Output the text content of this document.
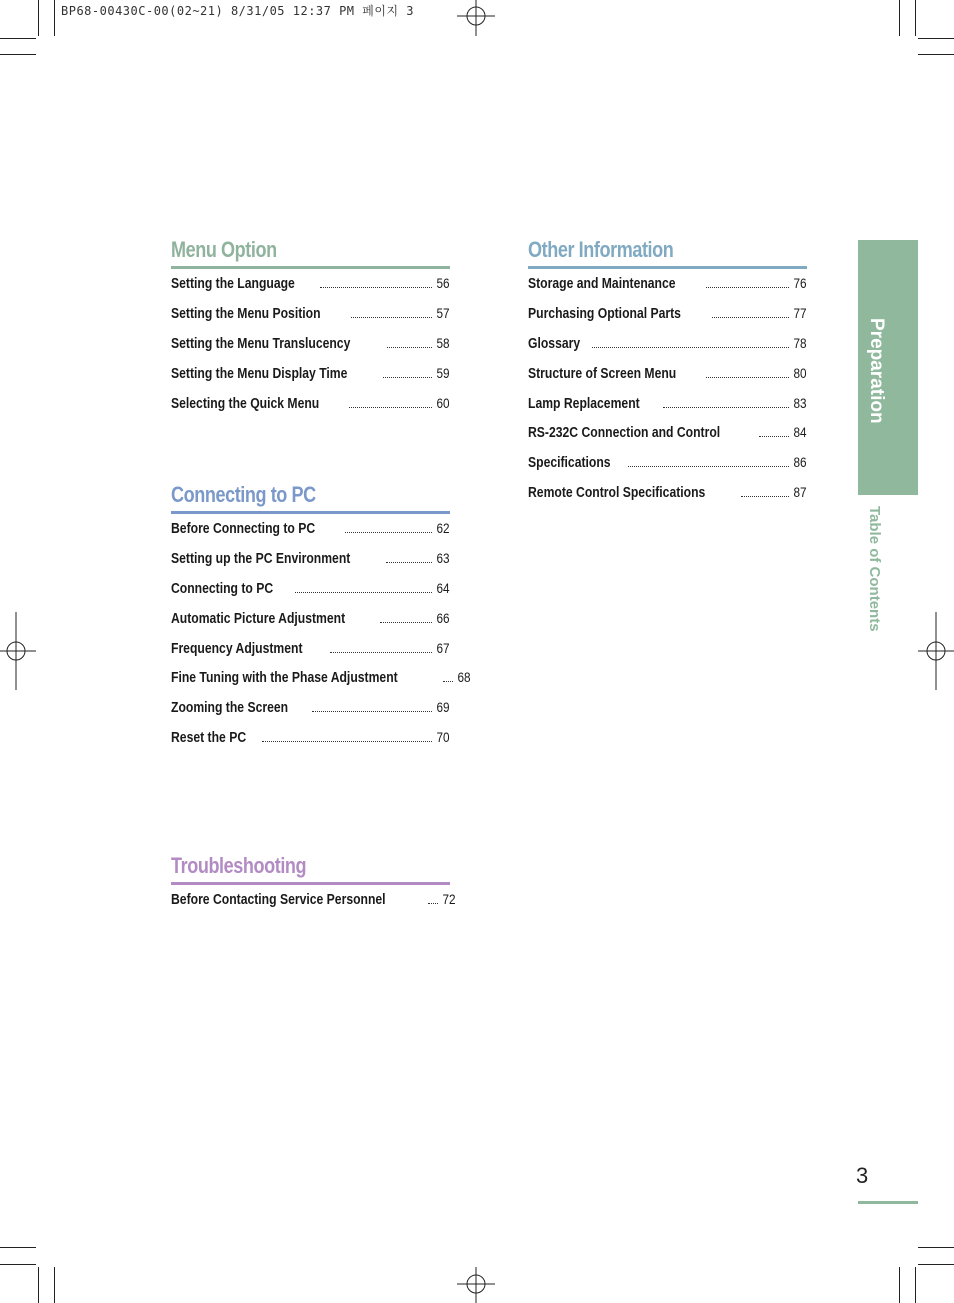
BP68-00430C-00(02~21) 8/31/05 12:37 PM 페이지 3
Menu Option
Setting the Language	56
Setting the Menu Position	57
Setting the Menu Translucency	58
Setting the Menu Display Time	59
Selecting the Quick Menu	60
Connecting to PC
Before Connecting to PC	62
Setting up the PC Environment	63
Connecting to PC	64
Automatic Picture Adjustment	66
Frequency Adjustment	67
Fine Tuning with the Phase Adjustment	68
Zooming the Screen	69
Reset the PC	70
Troubleshooting
Before Contacting Service Personnel	72
Other Information
Storage and Maintenance	76
Purchasing Optional Parts	77
Glossary	78
Structure of Screen Menu	80
Lamp Replacement	83
RS-232C Connection and Control	84
Specifications	86
Remote Control Specifications	87
Preparation
Table of Contents
3
